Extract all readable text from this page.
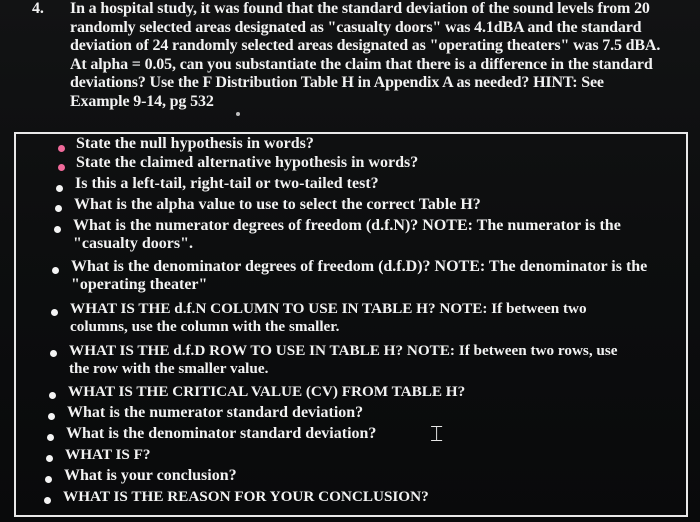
4. In a hospital study, it was found that the standard deviation of the sound levels from 20
randomly selected areas designated as "casualty doors" was 4.1dBA and the standard
deviation of 24 randomly selected areas designated as "operating theaters" was 7.5 dBA.
At alpha = 0.05, can you substantiate the claim that there is a difference in the standard
deviations? Use the F Distribution Table H in Appendix A as needed? HINT: See
Example 9-14, pg 532
State the null hypothesis in words?
State the claimed alternative hypothesis in words?
Is this a left-tail, right-tail or two-tailed test?
What is the alpha value to use to select the correct Table H?
What is the numerator degrees of freedom (d.f.N)? NOTE: The numerator is the
"casualty doors".
What is the denominator degrees of freedom (d.f.D)? NOTE: The denominator is the
"operating theater"
WHAT IS THE d.f.N COLUMN TO USE IN TABLE H? NOTE: If between two
columns, use the column with the smaller.
WHAT IS THE d.f.D ROW TO USE IN TABLE H? NOTE: If between two rows, use
the row with the smaller value.
WHAT IS THE CRITICAL VALUE (CV) FROM TABLE H?
What is the numerator standard deviation?
What is the denominator standard deviation?
WHAT IS F?
What is your conclusion?
WHAT IS THE REASON FOR YOUR CONCLUSION?
⌶
